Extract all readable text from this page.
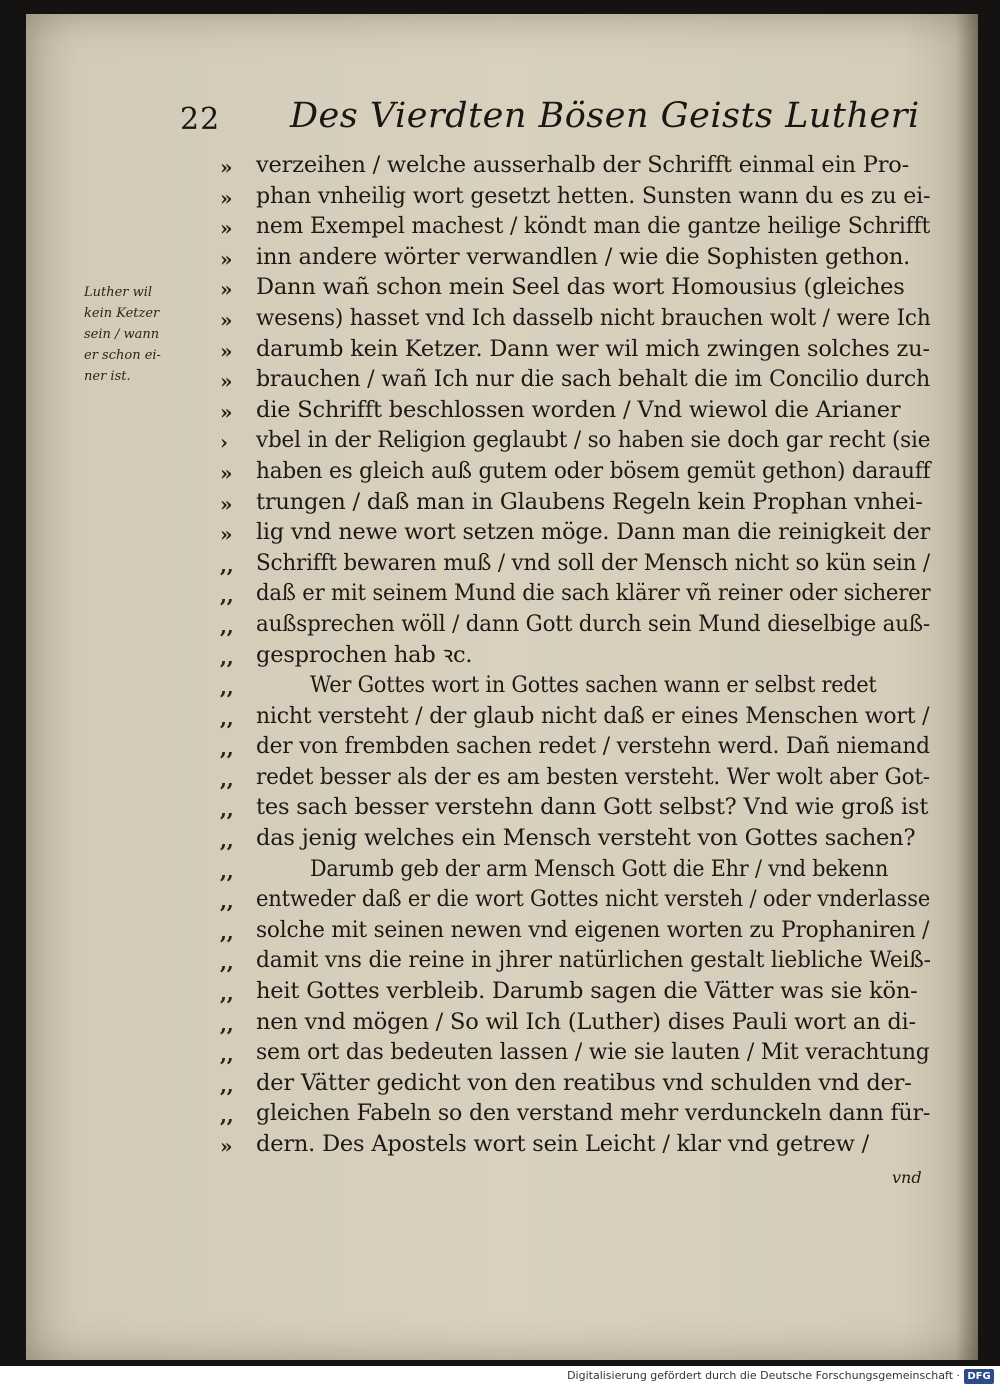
22 Des Vierdten Bösen Geists Lutheri
Luther wil
kein Ketzer
sein / wann
er schon ei-
ner ist.
»	verzeihen / welche ausserhalb der Schrifft einmal ein Pro-
»	phan vnheilig wort gesetzt hetten. Sunsten wann du es zu ei-
»	nem Exempel machest / köndt man die gantze heilige Schrifft
»	inn andere wörter verwandlen / wie die Sophisten gethon.
»	Dann wañ schon mein Seel das wort Homousius (gleiches
»	wesens) hasset vnd Ich dasselb nicht brauchen wolt / were Ich
»	darumb kein Ketzer. Dann wer wil mich zwingen solches zu-
»	brauchen / wañ Ich nur die sach behalt die im Concilio durch
»	die Schrifft beschlossen worden / Vnd wiewol die Arianer
›	vbel in der Religion geglaubt / so haben sie doch gar recht (sie
»	haben es gleich auß gutem oder bösem gemüt gethon) darauff
»	trungen / daß man in Glaubens Regeln kein Prophan vnhei-
»	lig vnd newe wort setzen möge. Dann man die reinigkeit der
,, Schrifft bewaren muß / vnd soll der Mensch nicht so kün sein /
,, daß er mit seinem Mund die sach klärer vñ reiner oder sicherer
,, außsprechen wöll / dann Gott durch sein Mund dieselbige auß-
,, gesprochen hab ꝛc.
,,	Wer Gottes wort in Gottes sachen wann er selbst redet
,, nicht versteht / der glaub nicht daß er eines Menschen wort /
,, der von frembden sachen redet / verstehn werd. Dañ niemand
,, redet besser als der es am besten versteht. Wer wolt aber Got-
,, tes sach besser verstehn dann Gott selbst? Vnd wie groß ist
,, das jenig welches ein Mensch versteht von Gottes sachen?
,,	Darumb geb der arm Mensch Gott die Ehr / vnd bekenn
,, entweder daß er die wort Gottes nicht versteh / oder vnderlasse
,, solche mit seinen newen vnd eigenen worten zu Prophaniren /
,, damit vns die reine in jhrer natürlichen gestalt liebliche Weiß-
,, heit Gottes verbleib. Darumb sagen die Vätter was sie kön-
,, nen vnd mögen / So wil Ich (Luther) dises Pauli wort an di-
,, sem ort das bedeuten lassen / wie sie lauten / Mit verachtung
,, der Vätter gedicht von den reatibus vnd schulden vnd der-
,, gleichen Fabeln so den verstand mehr verdunckeln dann für-
»	dern. Des Apostels wort sein Leicht / klar vnd getrew /
vnd
Digitalisierung gefördert durch die Deutsche Forschungsgemeinschaft · DFG
